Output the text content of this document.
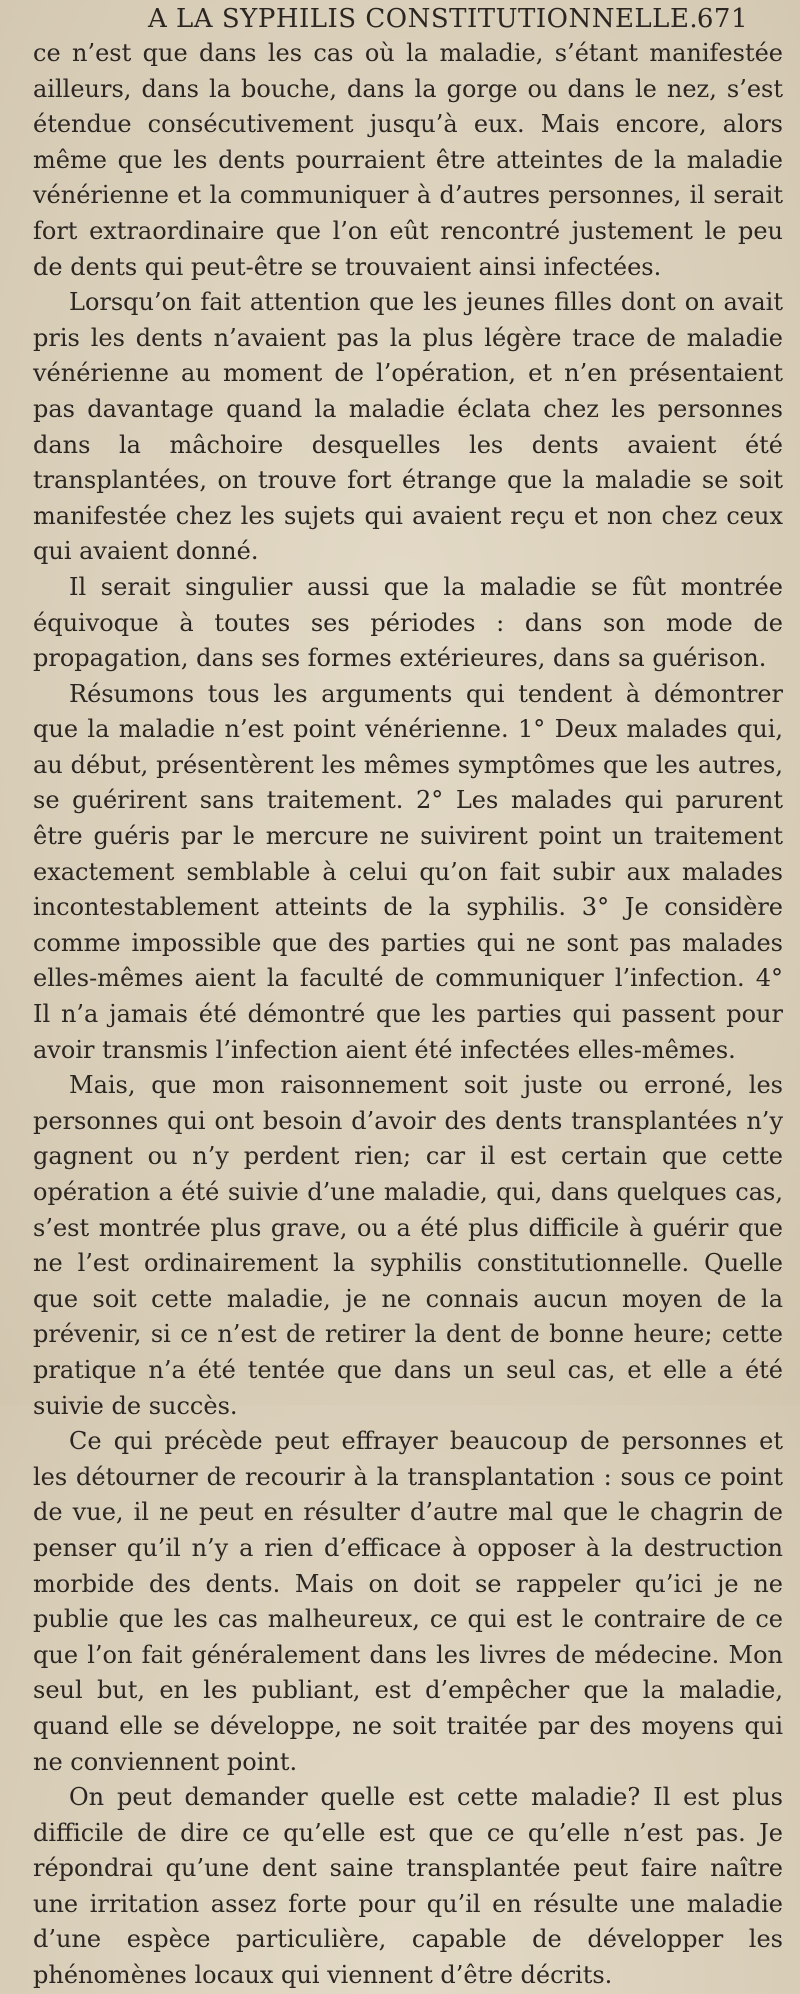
A LA SYPHILIS CONSTITUTIONNELLE.
671

ce n’est que dans les cas où la maladie, s’étant manifestée ailleurs, dans la bouche, dans la gorge ou dans le nez, s’est étendue consécutivement jusqu’à eux. Mais encore, alors même que les dents pourraient être atteintes de la maladie vénérienne et la communiquer à d’autres personnes, il serait fort extraordinaire que l’on eût rencontré justement le peu de dents qui peut-être se trouvaient ainsi infectées.

Lorsqu’on fait attention que les jeunes filles dont on avait pris les dents n’avaient pas la plus légère trace de maladie vénérienne au moment de l’opération, et n’en présentaient pas davantage quand la maladie éclata chez les personnes dans la mâchoire desquelles les dents avaient été transplantées, on trouve fort étrange que la maladie se soit manifestée chez les sujets qui avaient reçu et non chez ceux qui avaient donné.

Il serait singulier aussi que la maladie se fût montrée équivoque à toutes ses périodes : dans son mode de propagation, dans ses formes extérieures, dans sa guérison.

Résumons tous les arguments qui tendent à démontrer que la maladie n’est point vénérienne. 1° Deux malades qui, au début, présentèrent les mêmes symptômes que les autres, se guérirent sans traitement. 2° Les malades qui parurent être guéris par le mercure ne suivirent point un traitement exactement semblable à celui qu’on fait subir aux malades incontestablement atteints de la syphilis. 3° Je considère comme impossible que des parties qui ne sont pas malades elles-mêmes aient la faculté de communiquer l’infection. 4° Il n’a jamais été démontré que les parties qui passent pour avoir transmis l’infection aient été infectées elles-mêmes.

Mais, que mon raisonnement soit juste ou erroné, les personnes qui ont besoin d’avoir des dents transplantées n’y gagnent ou n’y perdent rien; car il est certain que cette opération a été suivie d’une maladie, qui, dans quelques cas, s’est montrée plus grave, ou a été plus difficile à guérir que ne l’est ordinairement la syphilis constitutionnelle. Quelle que soit cette maladie, je ne connais aucun moyen de la prévenir, si ce n’est de retirer la dent de bonne heure; cette pratique n’a été tentée que dans un seul cas, et elle a été suivie de succès.

Ce qui précède peut effrayer beaucoup de personnes et les détourner de recourir à la transplantation : sous ce point de vue, il ne peut en résulter d’autre mal que le chagrin de penser qu’il n’y a rien d’efficace à opposer à la destruction morbide des dents. Mais on doit se rappeler qu’ici je ne publie que les cas malheureux, ce qui est le contraire de ce que l’on fait généralement dans les livres de médecine. Mon seul but, en les publiant, est d’empêcher que la maladie, quand elle se développe, ne soit traitée par des moyens qui ne conviennent point.

On peut demander quelle est cette maladie? Il est plus difficile de dire ce qu’elle est que ce qu’elle n’est pas. Je répondrai qu’une dent saine transplantée peut faire naître une irritation assez forte pour qu’il en résulte une maladie d’une espèce particulière, capable de développer les phénomènes locaux qui viennent d’être décrits.
